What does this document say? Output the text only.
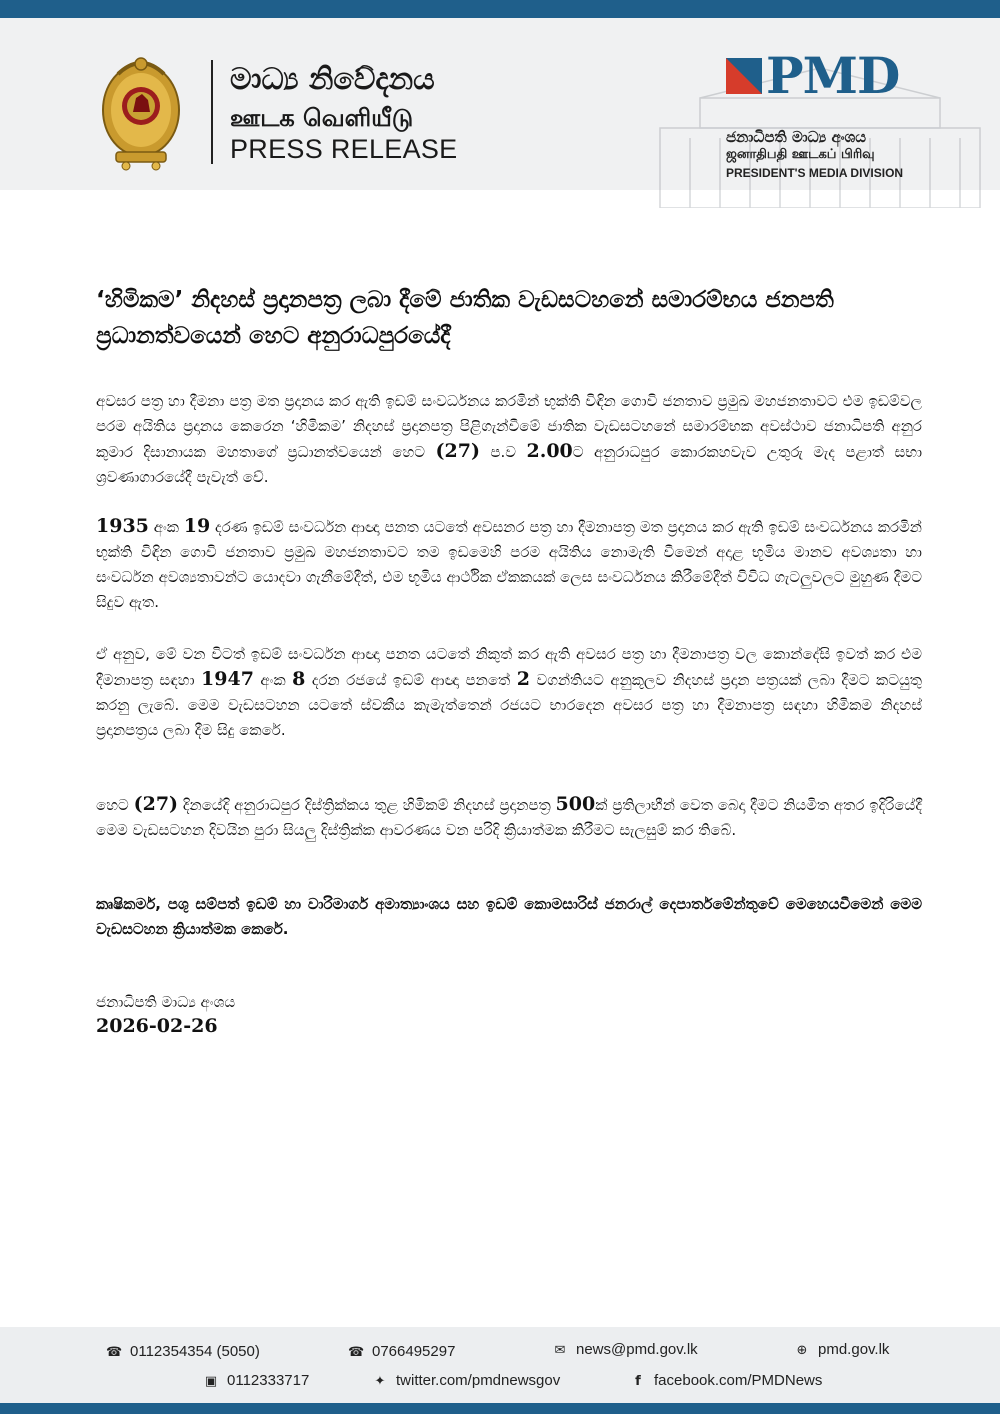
මාධ්‍ය නිවේදනය
ஊடக வெளியீடு
PRESS RELEASE
PMD
ජනාධිපති මාධ්‍ය අංශය
ஜனாதிபதி ஊடகப் பிரிவு
PRESIDENT'S MEDIA DIVISION
‘හිමිකම’ නිදහස් ප්‍රදානපත්‍ර ලබා දීමේ ජාතික වැඩසටහනේ සමාරම්භය ජනපති ප්‍රධානත්වයෙන් හෙට අනුරාධපුරයේදී
අවසර පත්‍ර හා දීමනා පත්‍ර මත ප්‍රදානය කර ඇති ඉඩම් සංවර්ධනය කරමින් භුක්ති විඳින ගොවි ජනතාව ප්‍රමුඛ මහජනතාවට එම ඉඩම්වල පරම අයිතිය ප්‍රදානය කෙරෙන ‘හිමිකම’ නිදහස් ප්‍රදානපත්‍ර පිළිගැන්වීමේ ජාතික වැඩසටහනේ සමාරම්භක අවස්ථාව ජනාධිපති අනුර කුමාර දිසානායක මහතාගේ ප්‍රධානත්වයෙන් හෙට (27) ප.ව 2.00ට අනුරාධපුර කොරකහවැව උතුරු මැද පළාත් සභා ශ්‍රවණාගාරයේදී පැවැත් වේ.
1935 අංක 19 දරණ ඉඩම් සංවර්ධන ආඥා පනත යටතේ අවසනර පත්‍ර හා දීමනාපත්‍ර මත ප්‍රදානය කර ඇති ඉඩම් සංවර්ධනය කරමින් භුක්ති විඳින ගොවි ජනතාව ප්‍රමුඛ මහජනතාවට තම ඉඩමෙහි පරම අයිතිය නොමැති වීමෙන් අදාළ භූමිය මානව අවශ්‍යතා හා සංවර්ධන අවශ්‍යතාවන්ට යොදවා ගැනීමේදීත්, එම භූමිය ආර්ථික ඒකකයක් ලෙස සංවර්ධනය කිරීමේදීත් විවිධ ගැටලුවලට මුහුණ දීමට සිදුව ඇත.
ඒ අනුව, මේ වන විටත් ඉඩම් සංවර්ධන ආඥා පනත යටතේ නිකුත් කර ඇති අවසර පත්‍ර හා දීමනාපත්‍ර වල කොන්දේසි ඉවත් කර එම දීමනාපත්‍ර සඳහා 1947 අංක 8 දරන රජයේ ඉඩම් ආඥා පනතේ 2 වගන්තියට අනුකූලව නිදහස් ප්‍රදාන පත්‍රයක් ලබා දීමට කටයුතු කරනු ලැබේ. මෙම වැඩසටහන යටතේ ස්වකීය කැමැත්තෙන් රජයට භාරදෙන අවසර පත්‍ර හා දීමනාපත්‍ර සඳහා හිමිකම නිදහස් ප්‍රදානපත්‍රය ලබා දීම සිදු කෙරේ.
හෙට (27) දිනයේදි අනුරාධපුර දිස්ත්‍රික්කය තුළ හිමිකම් නිදහස් ප්‍රදානපත්‍ර 500ක් ප්‍රතිලාභීන් වෙත බෙදා දීමට නියමිත අතර ඉදිරියේදී මෙම වැඩසටහන දිවයින පුරා සියලු දිස්ත්‍රික්ක ආවරණය වන පරිදි ක්‍රියාත්මක කිරීමට සැලසුම් කර තිබේ.
කෘෂිකර්ම, පශු සම්පත් ඉඩම් හා වාරිමාර්ග අමාත්‍යාංශය සහ ඉඩම් කොමසාරිස් ජනරාල් දෙපාර්තමේන්තුවේ මෙහෙයවීමෙන් මෙම වැඩසටහන ක්‍රියාත්මක කෙරේ.
ජනාධිපති මාධ්‍ය අංශය
2026-02-26
☎ 0112354354 (5050)	☎ 0766495297	✉ news@pmd.gov.lk	⊕ pmd.gov.lk
▣ 0112333717	✦ twitter.com/pmdnewsgov	f facebook.com/PMDNews
